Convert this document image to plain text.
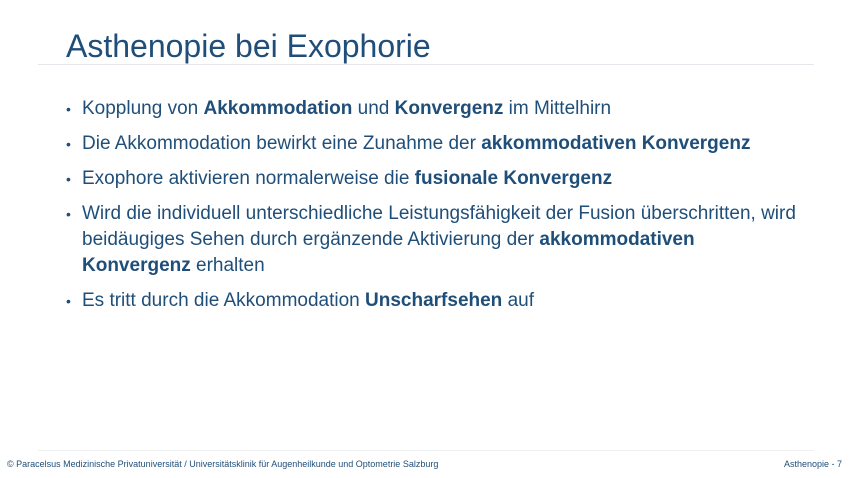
Asthenopie bei Exophorie
• Kopplung von Akkommodation und Konvergenz im Mittelhirn
• Die Akkommodation bewirkt eine Zunahme der akkommodativen Konvergenz
• Exophore aktivieren normalerweise die fusionale Konvergenz
• Wird die individuell unterschiedliche Leistungsfähigkeit der Fusion überschritten, wird beidäugiges Sehen durch ergänzende Aktivierung der akkommodativen Konvergenz erhalten
• Es tritt durch die Akkommodation Unscharfsehen auf
© Paracelsus Medizinische Privatuniversität / Universitätsklinik für Augenheilkunde und Optometrie Salzburg	Asthenopie - 7
